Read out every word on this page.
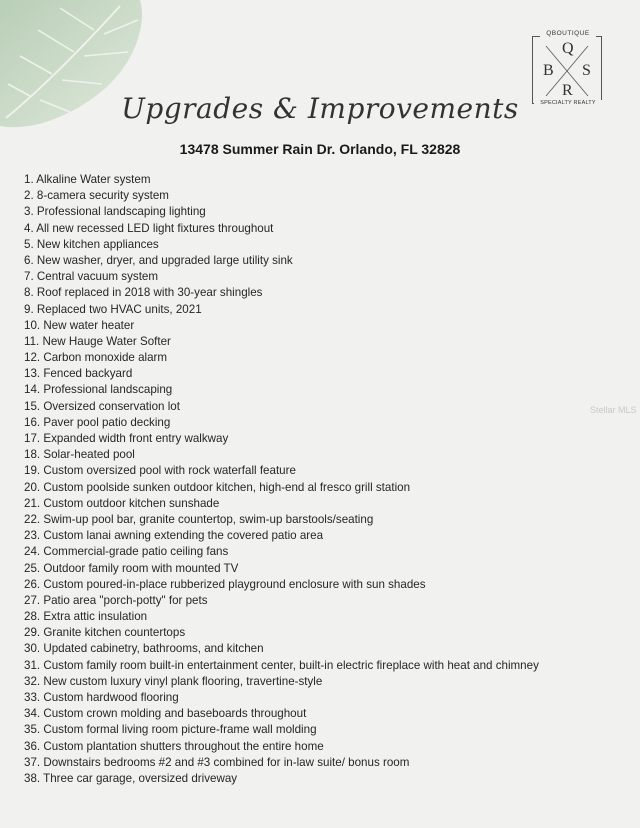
Q
B S
R
QBOUTIQUE
SPECIALTY REALTY
Upgrades & Improvements
13478 Summer Rain Dr. Orlando, FL 32828
1. Alkaline Water system
2. 8-camera security system
3. Professional landscaping lighting
4. All new recessed LED light fixtures throughout
5. New kitchen appliances
6. New washer, dryer, and upgraded large utility sink
7. Central vacuum system
8. Roof replaced in 2018 with 30-year shingles
9. Replaced two HVAC units, 2021
10. New water heater
11. New Hauge Water Softer
12. Carbon monoxide alarm
13. Fenced backyard
14. Professional landscaping
15. Oversized conservation lot
16. Paver pool patio decking
17. Expanded width front entry walkway
18. Solar-heated pool
19. Custom oversized pool with rock waterfall feature
20. Custom poolside sunken outdoor kitchen, high-end al fresco grill station
21. Custom outdoor kitchen sunshade
22. Swim-up pool bar, granite countertop, swim-up barstools/seating
23. Custom lanai awning extending the covered patio area
24. Commercial-grade patio ceiling fans
25. Outdoor family room with mounted TV
26. Custom poured-in-place rubberized playground enclosure with sun shades
27. Patio area "porch-potty" for pets
28. Extra attic insulation
29. Granite kitchen countertops
30. Updated cabinetry, bathrooms, and kitchen
31. Custom family room built-in entertainment center, built-in electric fireplace with heat and chimney
32. New custom luxury vinyl plank flooring, travertine-style
33. Custom hardwood flooring
34. Custom crown molding and baseboards throughout
35. Custom formal living room picture-frame wall molding
36. Custom plantation shutters throughout the entire home
37. Downstairs bedrooms #2 and #3 combined for in-law suite/ bonus room
38. Three car garage, oversized driveway
Stellar MLS
